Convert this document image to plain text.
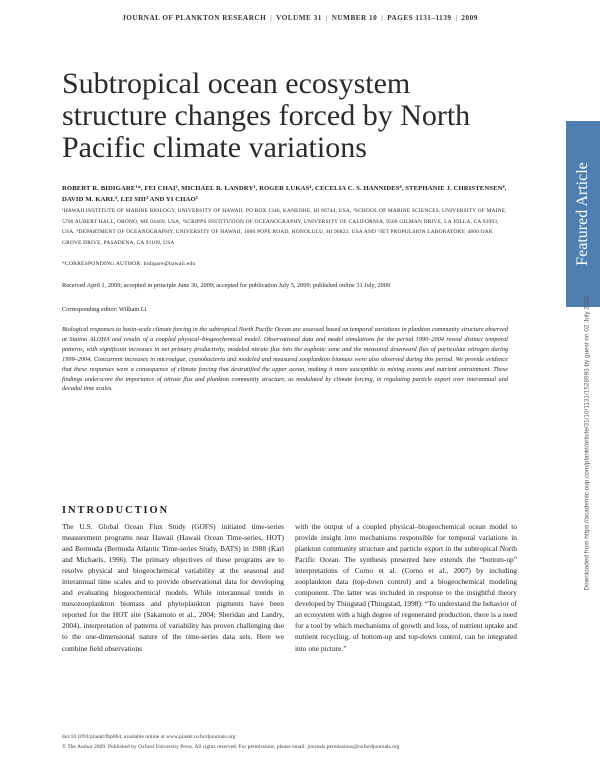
JOURNAL OF PLANKTON RESEARCH | VOLUME 31 | NUMBER 10 | PAGES 1131–1139 | 2009
Subtropical ocean ecosystem structure changes forced by North Pacific climate variations
Featured Article
Downloaded from https://academic.oup.com/plankt/article/31/10/1131/1528693 by guest on 02 July 2022
ROBERT R. BIDIGARE¹*, FEI CHAI², MICHAEL R. LANDRY³, ROGER LUKAS⁴, CECELIA C. S. HANNIDES⁴, STEPHANIE J. CHRISTENSEN⁴, DAVID M. KARL⁴, LEI SHI² AND YI CHAO⁵
¹HAWAII INSTITUTE OF MARINE BIOLOGY, UNIVERSITY OF HAWAII, PO BOX 1346, KANEOHE, HI 96744, USA, ²SCHOOL OF MARINE SCIENCES, UNIVERSITY OF MAINE, 5706 AUBERT HALL, ORONO, ME 04469, USA, ³SCRIPPS INSTITUTION OF OCEANOGRAPHY, UNIVERSITY OF CALIFORNIA, 9500 GILMAN DRIVE, LA JOLLA, CA 92093, USA, ⁴DEPARTMENT OF OCEANOGRAPHY, UNIVERSITY OF HAWAII, 1000 POPE ROAD, HONOLULU, HI 96822, USA AND ⁵JET PROPULSION LABORATORY, 4800 OAK GROVE DRIVE, PASADENA, CA 91109, USA
*CORRESPONDING AUTHOR: bidigare@hawaii.edu
Received April 1, 2009; accepted in principle June 30, 2009; accepted for publication July 5, 2009; published online 31 July, 2009
Corresponding editor: William Li

Biological responses to basin-scale climate forcing in the subtropical North Pacific Ocean are assessed based on temporal variations in plankton community structure observed at Station ALOHA and results of a coupled physical–biogeochemical model. Observational data and model simulations for the period 1990–2004 reveal distinct temporal patterns, with significant increases in net primary productivity, modeled nitrate flux into the euphotic zone and the measured downward flux of particulate nitrogen during 1999–2004. Concurrent increases in microalgae, cyanobacteria and modeled and measured zooplankton biomass were also observed during this period. We provide evidence that these responses were a consequence of climate forcing that destratified the upper ocean, making it more susceptible to mixing events and nutrient entrainment. These findings underscore the importance of nitrate flux and plankton community structure, as modulated by climate forcing, in regulating particle export over interannual and decadal time scales.

INTRODUCTION

The U.S. Global Ocean Flux Study (GOFS) initiated time-series measurement programs near Hawaii (Hawaii Ocean Time-series, HOT) and Bermuda (Bermuda Atlantic Time-series Study, BATS) in 1988 (Karl and Michaels, 1996). The primary objectives of these programs are to resolve physical and biogeochemical variability at the seasonal and interannual time scales and to provide observational data for developing and evaluating biogeochemical models. While interannual trends in mesozooplankton biomass and phytoplankton pigments have been reported for the HOT site (Sakamoto et al., 2004; Sheridan and Landry, 2004), interpretation of patterns of variability has proven challenging due to the one-dimensional nature of the time-series data sets. Here we combine field observations

with the output of a coupled physical–biogeochemical ocean model to provide insight into mechanisms responsible for temporal variations in plankton community structure and particle export in the subtropical North Pacific Ocean. The synthesis presented here extends the “bottom-up” interpretations of Corno et al. (Corno et al., 2007) by including zooplankton data (top-down control) and a biogeochemical modeling component. The latter was included in response to the insightful theory developed by Thingstad (Thingstad, 1998): “To understand the behavior of an ecosystem with a high degree of regenerated production, there is a need for a tool by which mechanisms of growth and loss, of nutrient uptake and nutrient recycling, of bottom-up and top-down control, can be integrated into one picture.”

doi:10.1093/plankt/fbp064, available online at www.plankt.oxfordjournals.org
© The Author 2009. Published by Oxford University Press. All rights reserved. For permissions, please email: journals.permissions@oxfordjournals.org
